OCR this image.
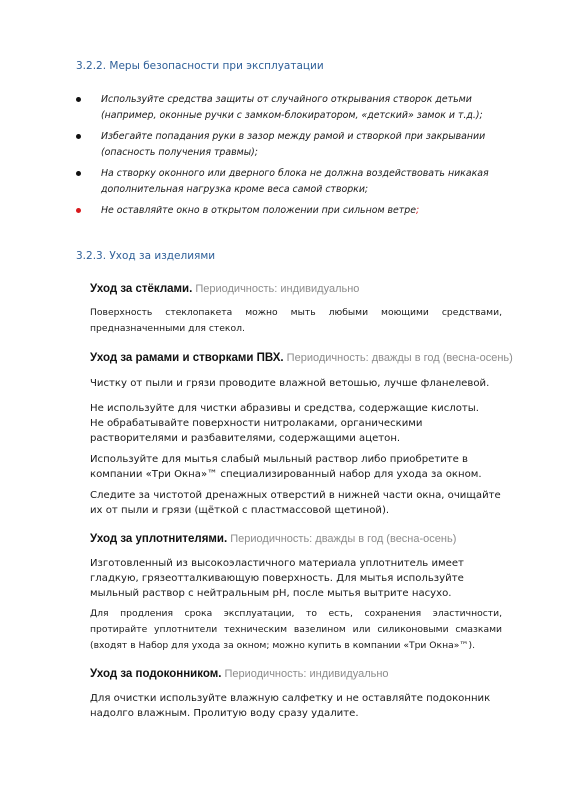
3.2.2. Меры безопасности при эксплуатации
Используйте средства защиты от случайного открывания створок детьми (например, оконные ручки с замком-блокиратором, «детский» замок и т.д.);
Избегайте попадания руки в зазор между рамой и створкой при закрывании (опасность получения травмы);
На створку оконного или дверного блока не должна воздействовать никакая дополнительная нагрузка кроме веса самой створки;
Не оставляйте окно в открытом положении при сильном ветре;
3.2.3. Уход за изделиями
Уход за стёклами. Периодичность: индивидуально
Поверхность стеклопакета можно мыть любыми моющими средствами,
предназначенными для стекол.
Уход за рамами и створками ПВХ. Периодичность: дважды в год (весна-осень)
Чистку от пыли и грязи проводите влажной ветошью, лучше фланелевой.
Не используйте для чистки абразивы и средства, содержащие кислоты.
Не обрабатывайте поверхности нитролаками, органическими
растворителями и разбавителями, содержащими ацетон.
Используйте для мытья слабый мыльный раствор либо приобретите в
компании «Три Окна»™ специализированный набор для ухода за окном.
Следите за чистотой дренажных отверстий в нижней части окна, очищайте
их от пыли и грязи (щёткой с пластмассовой щетиной).
Уход за уплотнителями. Периодичность: дважды в год (весна-осень)
Изготовленный из высокоэластичного материала уплотнитель имеет
гладкую, грязеотталкивающую поверхность. Для мытья используйте
мыльный раствор с нейтральным pH, после мытья вытрите насухо.
Для продления срока эксплуатации, то есть, сохранения эластичности,
протирайте уплотнители техническим вазелином или силиконовыми смазками
(входят в Набор для ухода за окном; можно купить в компании «Три Окна»™).
Уход за подоконником. Периодичность: индивидуально
Для очистки используйте влажную салфетку и не оставляйте подоконник
надолго влажным. Пролитую воду сразу удалите.
